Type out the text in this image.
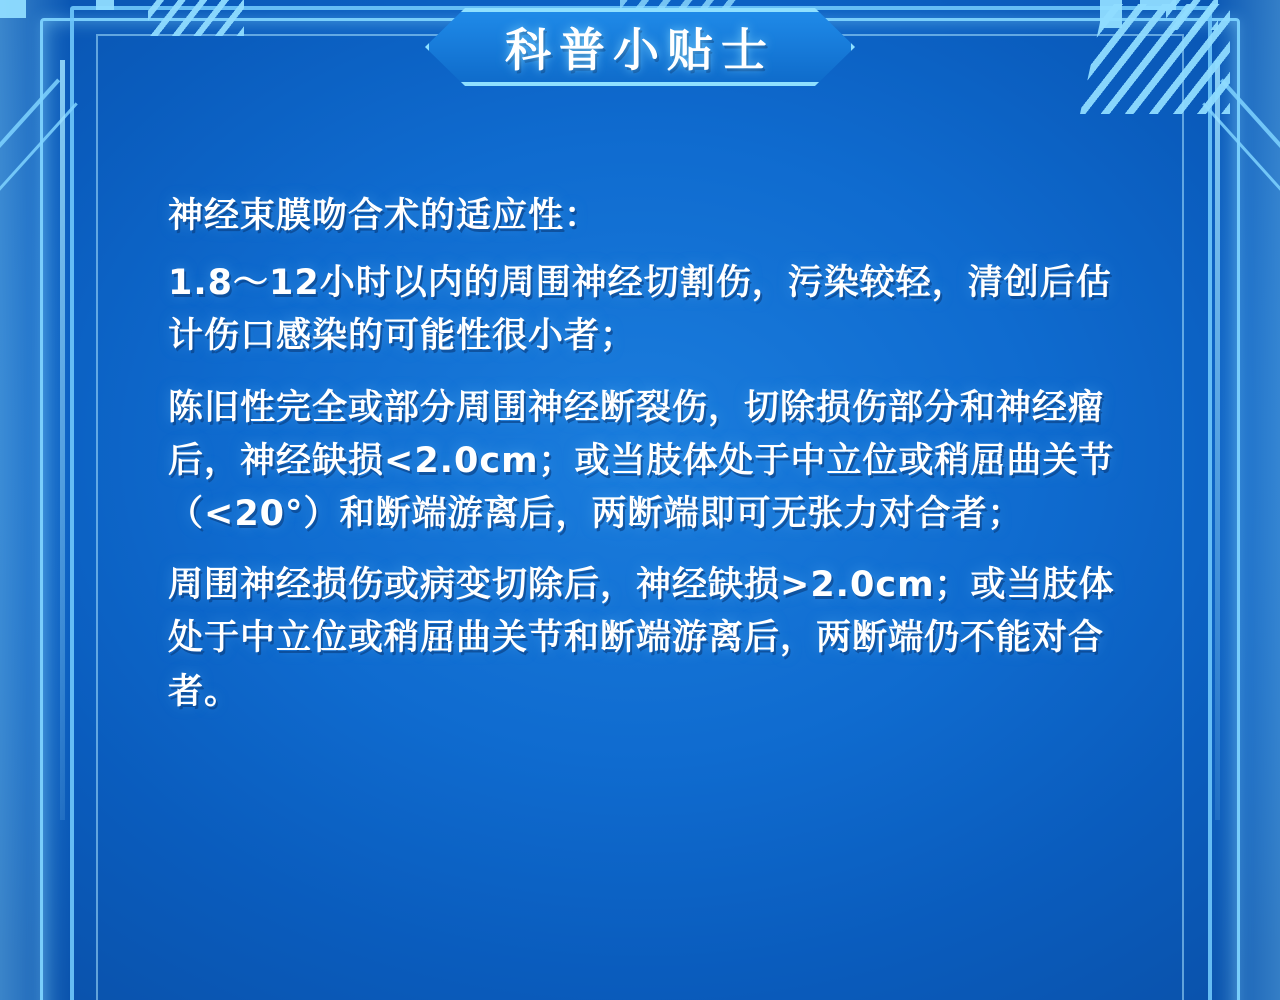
科普小贴士

神经束膜吻合术的适应性：

1.8～12小时以内的周围神经切割伤，污染较轻，清创后估计伤口感染的可能性很小者；

陈旧性完全或部分周围神经断裂伤，切除损伤部分和神经瘤后，神经缺损<2.0cm；或当肢体处于中立位或稍屈曲关节（<20°）和断端游离后，两断端即可无张力对合者；

周围神经损伤或病变切除后，神经缺损>2.0cm；或当肢体处于中立位或稍屈曲关节和断端游离后，两断端仍不能对合者。
